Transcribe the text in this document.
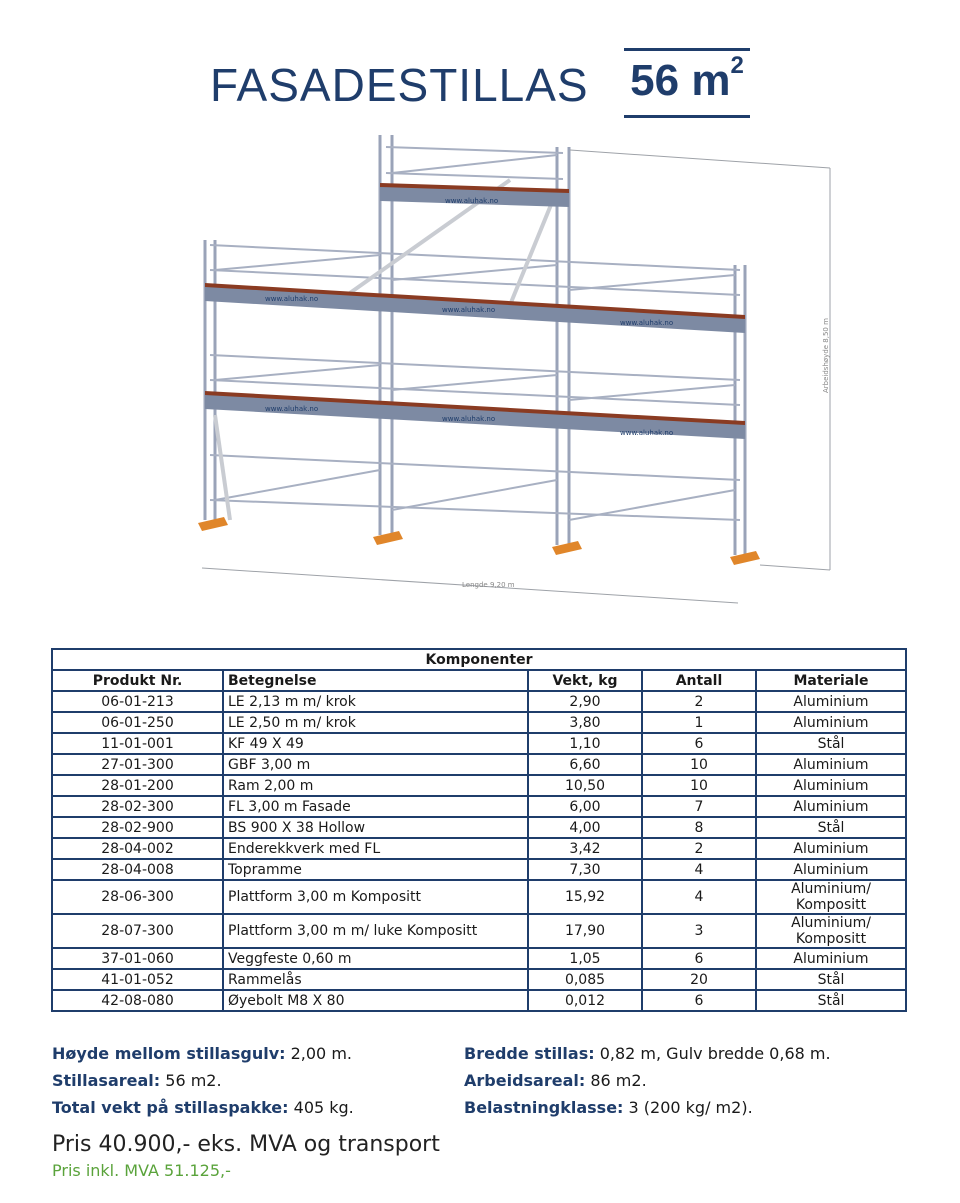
FASADESTILLAS 56 $m^2$
www.aluhak.no
www.aluhak.no
www.aluhak.no
www.aluhak.no
www.aluhak.no
www.aluhak.no
www.aluhak.no
Lengde 9,20 m
Arbeidshøyde 8,50 m
Komponenter				
Produkt Nr.	Betegnelse	Vekt, kg	Antall	Materiale
06-01-213	LE 2,13 m m/ krok	2,90	2	Aluminium
06-01-250	LE 2,50 m m/ krok	3,80	1	Aluminium
11-01-001	KF 49 X 49	1,10	6	Stål
27-01-300	GBF 3,00 m	6,60	10	Aluminium
28-01-200	Ram 2,00 m	10,50	10	Aluminium
28-02-300	FL 3,00 m Fasade	6,00	7	Aluminium
28-02-900	BS 900 X 38 Hollow	4,00	8	Stål
28-04-002	Enderekkverk med FL	3,42	2	Aluminium
28-04-008	Topramme	7,30	4	Aluminium
28-06-300	Plattform 3,00 m Kompositt	15,92	4	Aluminium/ Kompositt
28-07-300	Plattform 3,00 m m/ luke Kompositt	17,90	3	Aluminium/ Kompositt
37-01-060	Veggfeste 0,60 m	1,05	6	Aluminium
41-01-052	Rammelås	0,085	20	Stål
42-08-080	Øyebolt M8 X 80	0,012	6	Stål
Høyde mellom stillasgulv: 2,00 m.
Stillasareal: 56 m2.
Total vekt på stillaspakke: 405 kg.
Bredde stillas: 0,82 m, Gulv bredde 0,68 m.
Arbeidsareal: 86 m2.
Belastningklasse: 3 (200 kg/ m2).
Pris 40.900,- eks. MVA og transport
Pris inkl. MVA 51.125,-
